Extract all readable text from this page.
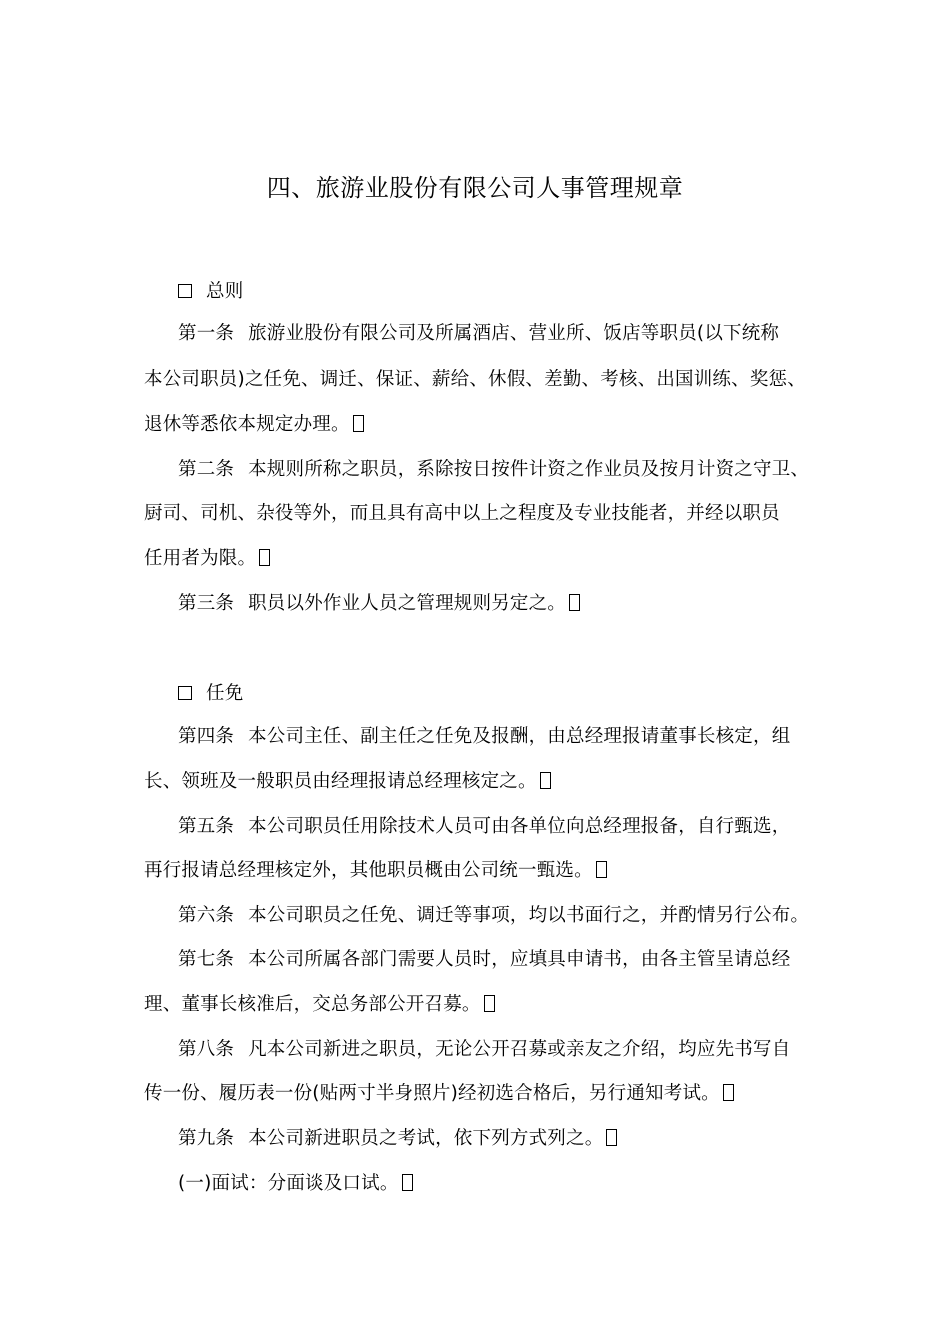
四、旅游业股份有限公司人事管理规章
总则
第一条 旅游业股份有限公司及所属酒店、营业所、饭店等职员(以下统称
本公司职员)之任免、调迁、保证、薪给、休假、差勤、考核、出国训练、奖惩、
退休等悉依本规定办理。
第二条 本规则所称之职员，系除按日按件计资之作业员及按月计资之守卫、
厨司、司机、杂役等外，而且具有高中以上之程度及专业技能者，并经以职员
任用者为限。
第三条 职员以外作业人员之管理规则另定之。
任免
第四条 本公司主任、副主任之任免及报酬，由总经理报请董事长核定，组
长、领班及一般职员由经理报请总经理核定之。
第五条 本公司职员任用除技术人员可由各单位向总经理报备，自行甄选，
再行报请总经理核定外，其他职员概由公司统一甄选。
第六条 本公司职员之任免、调迁等事项，均以书面行之，并酌情另行公布。
第七条 本公司所属各部门需要人员时，应填具申请书，由各主管呈请总经
理、董事长核准后，交总务部公开召募。
第八条 凡本公司新进之职员，无论公开召募或亲友之介绍，均应先书写自
传一份、履历表一份(贴两寸半身照片)经初选合格后，另行通知考试。
第九条 本公司新进职员之考试，依下列方式列之。
(一)面试：分面谈及口试。
